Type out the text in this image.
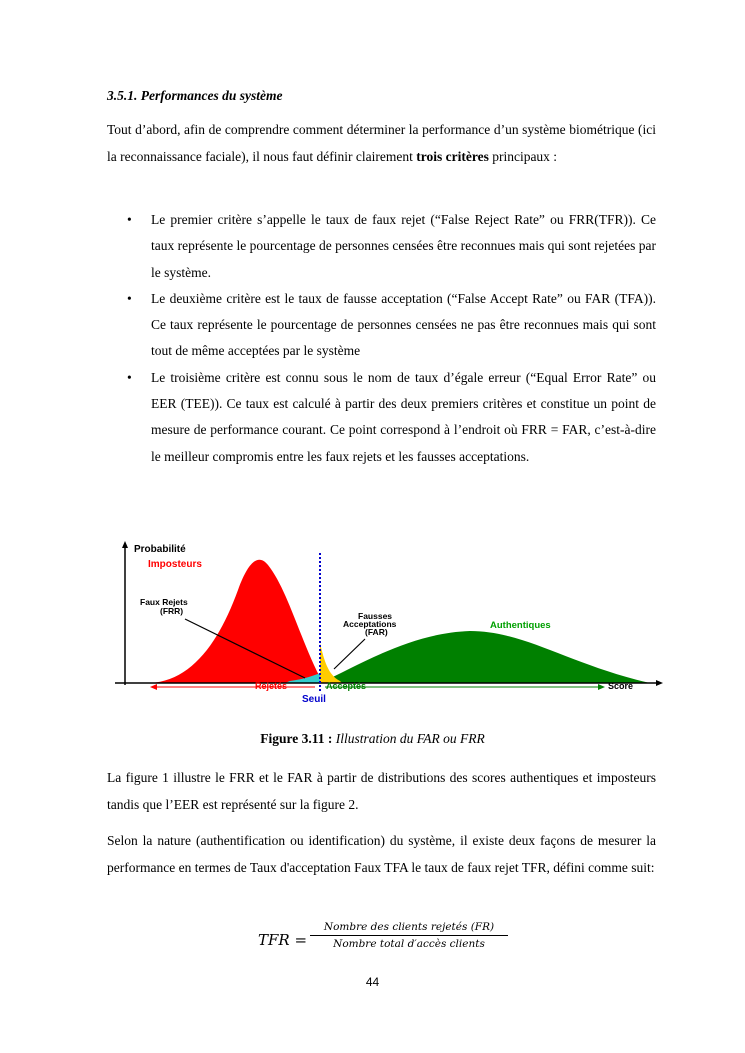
3.5.1. Performances du système

Tout d’abord, afin de comprendre comment déterminer la performance d’un système biométrique (ici la reconnaissance faciale), il nous faut définir clairement trois critères principaux :

• Le premier critère s’appelle le taux de faux rejet (“False Reject Rate” ou FRR(TFR)). Ce taux représente le pourcentage de personnes censées être reconnues mais qui sont rejetées par le système.
• Le deuxième critère est le taux de fausse acceptation (“False Accept Rate” ou FAR (TFA)). Ce taux représente le pourcentage de personnes censées ne pas être reconnues mais qui sont tout de même acceptées par le système
• Le troisième critère est connu sous le nom de taux d’égale erreur (“Equal Error Rate” ou EER (TEE)). Ce taux est calculé à partir des deux premiers critères et constitue un point de mesure de performance courant. Ce point correspond à l’endroit où FRR = FAR, c’est-à-dire le meilleur compromis entre les faux rejets et les fausses acceptations.
Probabilité
Imposteurs
Faux Rejets
(FRR)	Fausses
Acceptations
(FAR)
Authentiques
Rejetés	Acceptés	Score
Seuil
Figure 3.11 : Illustration du FAR ou FRR

La figure 1 illustre le FRR et le FAR à partir de distributions des scores authentiques et imposteurs tandis que l’EER est représenté sur la figure 2.

Selon la nature (authentification ou identification) du système, il existe deux façons de mesurer la performance en termes de Taux d'acceptation Faux TFA le taux de faux rejet TFR, défini comme suit:

TFR =
Nombre des clients rejetés (FR)
Nombre total d′accès clients
44
